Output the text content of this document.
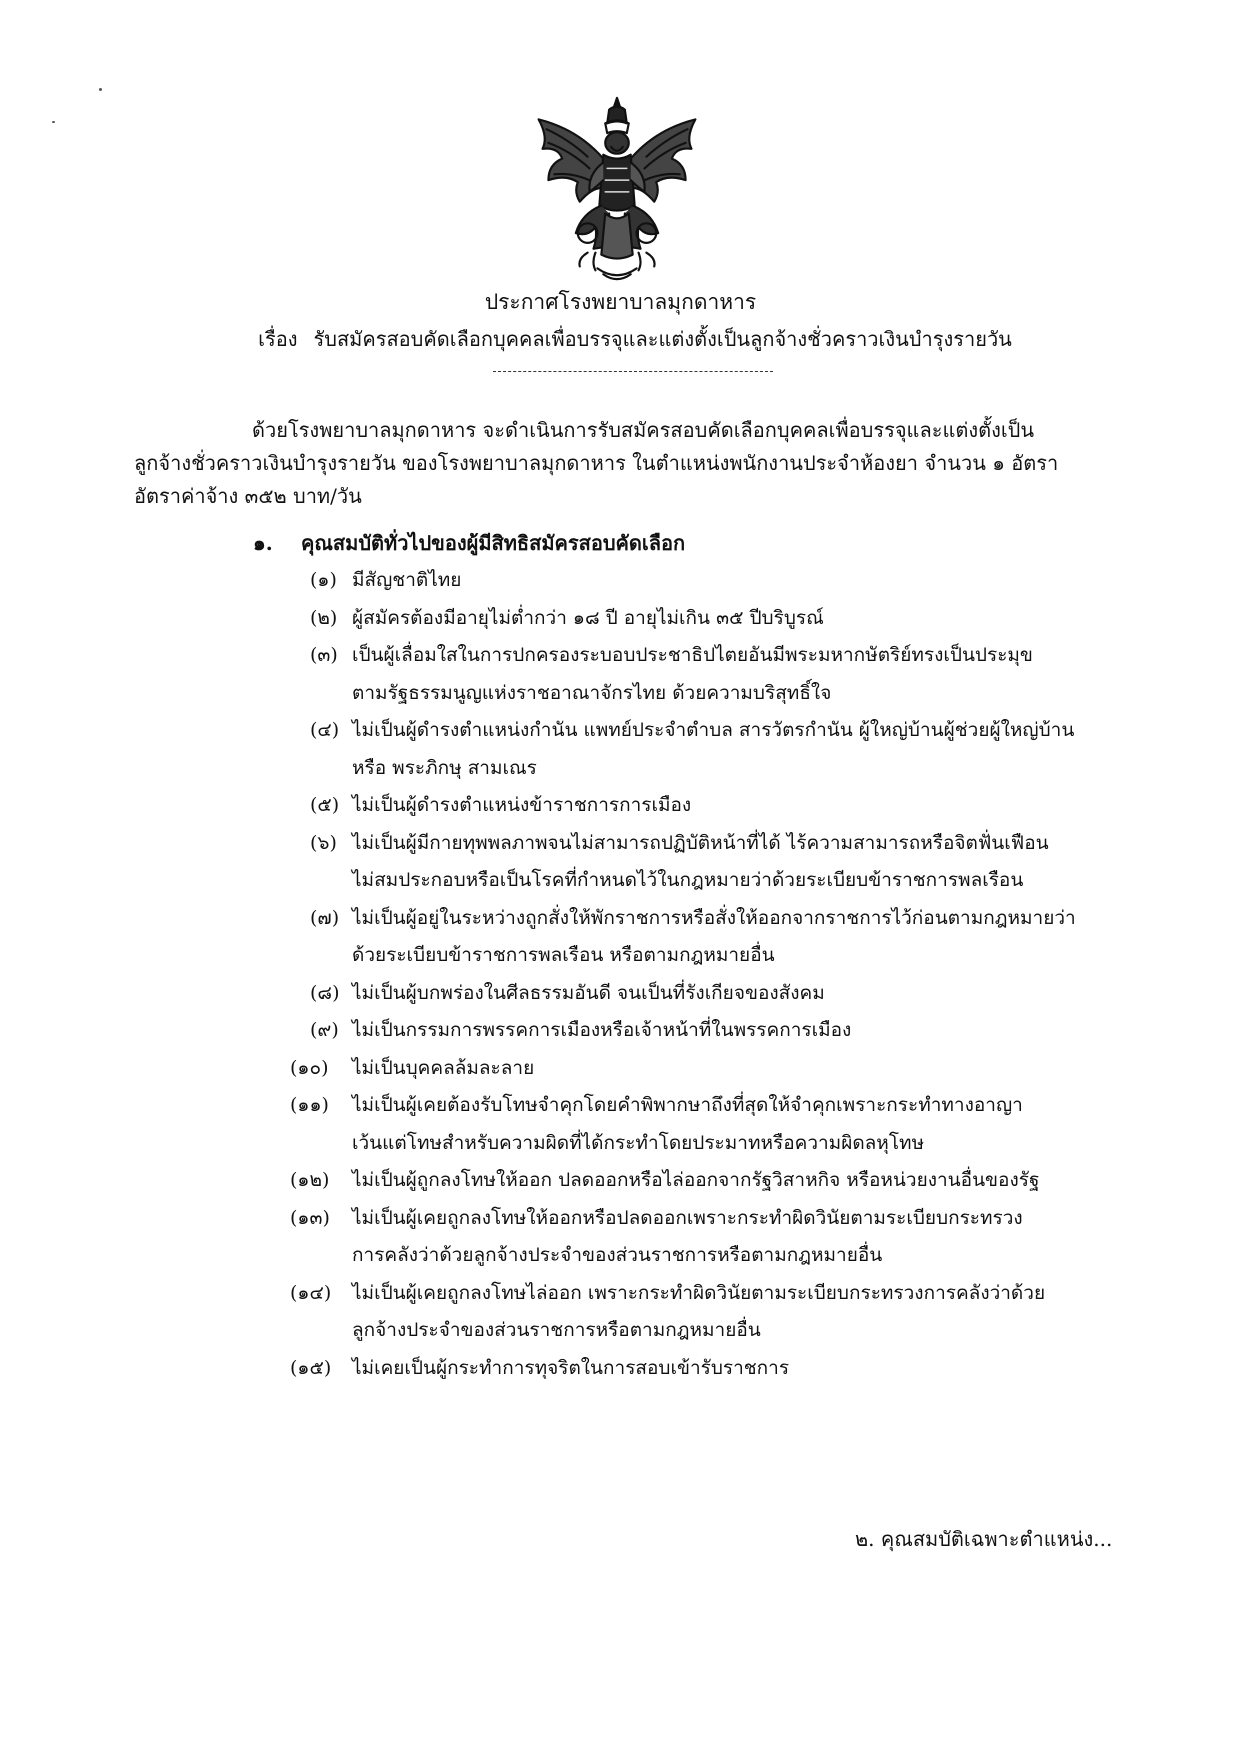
ประกาศโรงพยาบาลมุกดาหาร
เรื่อง รับสมัครสอบคัดเลือกบุคคลเพื่อบรรจุและแต่งตั้งเป็นลูกจ้างชั่วคราวเงินบำรุงรายวัน
ด้วยโรงพยาบาลมุกดาหาร จะดำเนินการรับสมัครสอบคัดเลือกบุคคลเพื่อบรรจุและแต่งตั้งเป็น
ลูกจ้างชั่วคราวเงินบำรุงรายวัน ของโรงพยาบาลมุกดาหาร ในตำแหน่งพนักงานประจำห้องยา จำนวน ๑ อัตรา
อัตราค่าจ้าง ๓๕๒ บาท/วัน
๑. คุณสมบัติทั่วไปของผู้มีสิทธิสมัครสอบคัดเลือก
(๑) มีสัญชาติไทย
(๒) ผู้สมัครต้องมีอายุไม่ต่ำกว่า ๑๘ ปี อายุไม่เกิน ๓๕ ปีบริบูรณ์
(๓) เป็นผู้เลื่อมใสในการปกครองระบอบประชาธิปไตยอันมีพระมหากษัตริย์ทรงเป็นประมุข
ตามรัฐธรรมนูญแห่งราชอาณาจักรไทย ด้วยความบริสุทธิ์ใจ
(๔) ไม่เป็นผู้ดำรงตำแหน่งกำนัน แพทย์ประจำตำบล สารวัตรกำนัน ผู้ใหญ่บ้านผู้ช่วยผู้ใหญ่บ้าน
หรือ พระภิกษุ สามเณร
(๕) ไม่เป็นผู้ดำรงตำแหน่งข้าราชการการเมือง
(๖) ไม่เป็นผู้มีกายทุพพลภาพจนไม่สามารถปฏิบัติหน้าที่ได้ ไร้ความสามารถหรือจิตฟั่นเฟือน
ไม่สมประกอบหรือเป็นโรคที่กำหนดไว้ในกฎหมายว่าด้วยระเบียบข้าราชการพลเรือน
(๗) ไม่เป็นผู้อยู่ในระหว่างถูกสั่งให้พักราชการหรือสั่งให้ออกจากราชการไว้ก่อนตามกฎหมายว่า
ด้วยระเบียบข้าราชการพลเรือน หรือตามกฎหมายอื่น
(๘) ไม่เป็นผู้บกพร่องในศีลธรรมอันดี จนเป็นที่รังเกียจของสังคม
(๙) ไม่เป็นกรรมการพรรคการเมืองหรือเจ้าหน้าที่ในพรรคการเมือง
(๑๐)	ไม่เป็นบุคคลล้มละลาย
(๑๑)	ไม่เป็นผู้เคยต้องรับโทษจำคุกโดยคำพิพากษาถึงที่สุดให้จำคุกเพราะกระทำทางอาญา
เว้นแต่โทษสำหรับความผิดที่ได้กระทำโดยประมาทหรือความผิดลหุโทษ
(๑๒)	ไม่เป็นผู้ถูกลงโทษให้ออก ปลดออกหรือไล่ออกจากรัฐวิสาหกิจ หรือหน่วยงานอื่นของรัฐ
(๑๓)	ไม่เป็นผู้เคยถูกลงโทษให้ออกหรือปลดออกเพราะกระทำผิดวินัยตามระเบียบกระทรวง
การคลังว่าด้วยลูกจ้างประจำของส่วนราชการหรือตามกฎหมายอื่น
(๑๔)	ไม่เป็นผู้เคยถูกลงโทษไล่ออก เพราะกระทำผิดวินัยตามระเบียบกระทรวงการคลังว่าด้วย
ลูกจ้างประจำของส่วนราชการหรือตามกฎหมายอื่น
(๑๕)	ไม่เคยเป็นผู้กระทำการทุจริตในการสอบเข้ารับราชการ
๒. คุณสมบัติเฉพาะตำแหน่ง...
